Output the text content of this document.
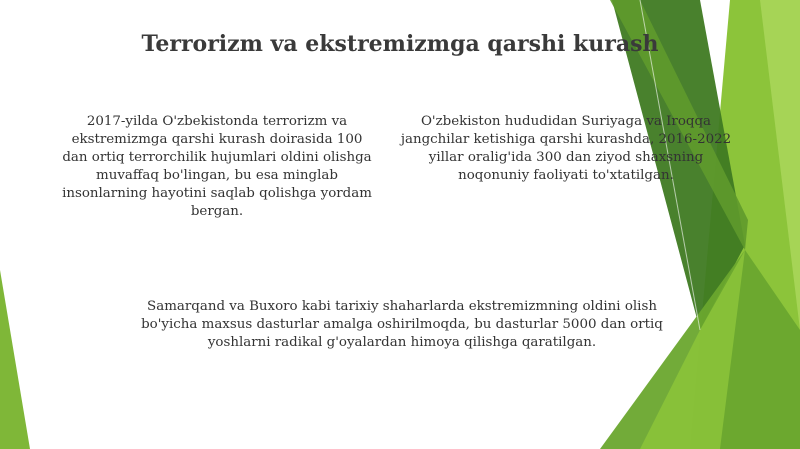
Terrorizm va ekstremizmga qarshi kurash

2017-yilda O'zbekistonda terrorizm va ekstremizmga qarshi kurash doirasida 100 dan ortiq terrorchilik hujumlari oldini olishga muvaffaq bo'lingan, bu esa minglab insonlarning hayotini saqlab qolishga yordam bergan.

O'zbekiston hududidan Suriyaga va Iroqqa jangchilar ketishiga qarshi kurashda, 2016-2022 yillar oralig'ida 300 dan ziyod shaxsning noqonuniy faoliyati to'xtatilgan.

Samarqand va Buxoro kabi tarixiy shaharlarda ekstremizmning oldini olish bo'yicha maxsus dasturlar amalga oshirilmoqda, bu dasturlar 5000 dan ortiq yoshlarni radikal g'oyalardan himoya qilishga qaratilgan.
